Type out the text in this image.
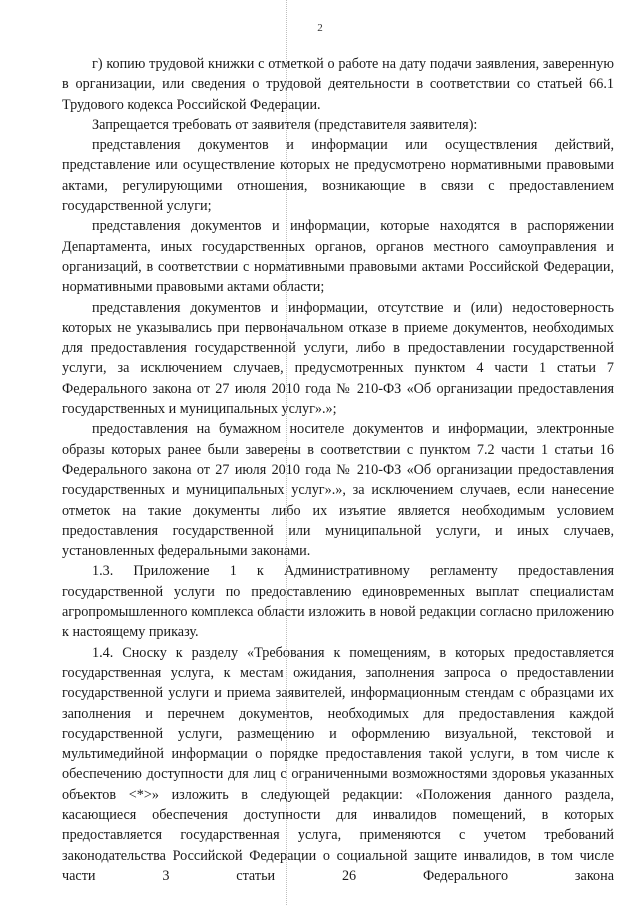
2

г) копию трудовой книжки с отметкой о работе на дату подачи заявления, заверенную в организации, или сведения о трудовой деятельности в соответствии со статьей 66.1 Трудового кодекса Российской Федерации.

Запрещается требовать от заявителя (представителя заявителя):

представления документов и информации или осуществления действий, представление или осуществление которых не предусмотрено нормативными правовыми актами, регулирующими отношения, возникающие в связи с предоставлением государственной услуги;

представления документов и информации, которые находятся в распоряжении Департамента, иных государственных органов, органов местного самоуправления и организаций, в соответствии с нормативными правовыми актами Российской Федерации, нормативными правовыми актами области;

представления документов и информации, отсутствие и (или) недостоверность которых не указывались при первоначальном отказе в приеме документов, необходимых для предоставления государственной услуги, либо в предоставлении государственной услуги, за исключением случаев, предусмотренных пунктом 4 части 1 статьи 7 Федерального закона от 27 июля 2010 года № 210-ФЗ «Об организации предоставления государственных и муниципальных услуг».»;

предоставления на бумажном носителе документов и информации, электронные образы которых ранее были заверены в соответствии с пунктом 7.2 части 1 статьи 16 Федерального закона от 27 июля 2010 года № 210-ФЗ «Об организации предоставления государственных и муниципальных услуг».», за исключением случаев, если нанесение отметок на такие документы либо их изъятие является необходимым условием предоставления государственной или муниципальной услуги, и иных случаев, установленных федеральными законами.

1.3. Приложение 1 к Административному регламенту предоставления государственной услуги по предоставлению единовременных выплат специалистам агропромышленного комплекса области изложить в новой редакции согласно приложению к настоящему приказу.

1.4. Сноску к разделу «Требования к помещениям, в которых предоставляется государственная услуга, к местам ожидания, заполнения запроса о предоставлении государственной услуги и приема заявителей, информационным стендам с образцами их заполнения и перечнем документов, необходимых для предоставления каждой государственной услуги, размещению и оформлению визуальной, текстовой и мультимедийной информации о порядке предоставления такой услуги, в том числе к обеспечению доступности для лиц с ограниченными возможностями здоровья указанных объектов <*>» изложить в следующей редакции: «Положения данного раздела, касающиеся обеспечения доступности для инвалидов помещений, в которых предоставляется государственная услуга, применяются с учетом требований законодательства Российской Федерации о социальной защите инвалидов, в том числе части 3 статьи 26 Федерального закона
